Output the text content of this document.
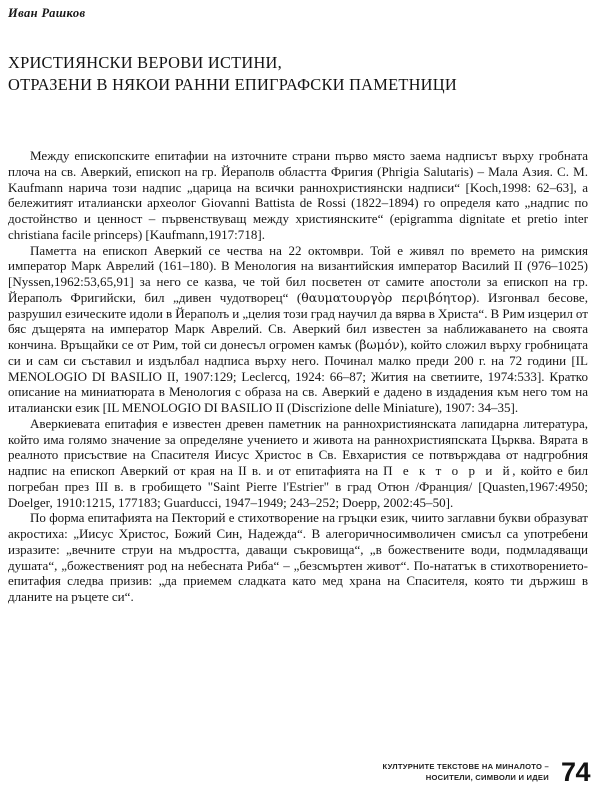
Иван Рашков
ХРИСТИЯНСКИ ВЕРОВИ ИСТИНИ,
ОТРАЗЕНИ В НЯКОИ РАННИ ЕПИГРАФСКИ ПАМЕТНИЦИ

Между епископските епитафии на източните страни първо място заема надписът върху гробната плоча на св. Аверкий, епископ на гр. Йераполв областта Фригия (Phrigia Salutaris) – Мала Азия. C. M. Kaufmann нарича този надпис „царица на всички раннохристиянски надписи“ [Koch,1998: 62–63], а бележитият италиански археолог Giovanni Battista de Rossi (1822–1894) го определя като „надпис по достойнство и ценност – първенствуващ между християнските“ (epigramma dignitate et pretio inter christiana facile princeps) [Kaufmann,1917:718].

Паметта на епископ Аверкий се чества на 22 октомври. Той е живял по времето на римския император Марк Аврелий (161–180). В Менология на византийския император Василий II (976–1025) [Nyssen,1962:53,65,91] за него се казва, че той бил посветен от самите апостоли за епископ на гр. Йераполъ Фригийски, бил „дивен чудотворец“ (θαυματουργὸρ περιβόητορ). Изгонвал бесове, разрушил езическите идоли в Йераполъ и „целия този град научил да вярва в Христа“. В Рим изцерил от бяс дъщерята на император Марк Аврелий. Св. Аверкий бил известен за наближаването на своята кончина. Връщайки се от Рим, той си донесъл огромен камък (βωμόν), който сложил върху гробницата си и сам си съставил и издълбал надписа върху него. Починал малко преди 200 г. на 72 години [IL MENOLOGIO DI BASILIO II, 1907:129; Leclercq, 1924: 66–87; Жития на светиите, 1974:533]. Кратко описание на миниатюрата в Менология с образа на св. Аверкий е дадено в издадения към него том на италиански език [IL MENOLOGIO DI BASILIO II (Discrizione delle Miniature), 1907: 34–35].

Аверкиевата епитафия е известен древен паметник на раннохристиянската лапидарна литература, който има голямо значение за определяне учението и живота на раннохристияпската Църква. Вярата в реалното присъствие на Спасителя Иисус Христос в Св. Евхаристия се потвърждава от надгробния надпис на епископ Аверкий от края на II в. и от епитафията на П е к т о р и й, който е бил погребан през III в. в гробището "Saint Pierre l'Estrier" в град Отюн /Франция/ [Quasten,1967:4950; Doelger, 1910:1215, 177183; Guarducci, 1947–1949; 243–252; Doepp, 2002:45–50].

По форма епитафията на Пекторий е стихотворение на гръцки език, чиито заглавни букви образуват акростиха: „Иисус Христос, Божий Син, Надежда“. В алегоричносимволичен смисъл са употребени изразите: „вечните струи на мъдростта, даващи съкровища“, „в божествените води, подмладяващи душата“, „божественият род на небесната Риба“ – „безсмъртен живот“. По-нататък в стихотворението-епитафия следва призив: „да приемем сладката като мед храна на Спасителя, която ти държиш в дланите на ръцете си“.

КУЛТУРНИТЕ ТЕКСТОВЕ НА МИНАЛОТО –
НОСИТЕЛИ, СИМВОЛИ И ИДЕИ 74
